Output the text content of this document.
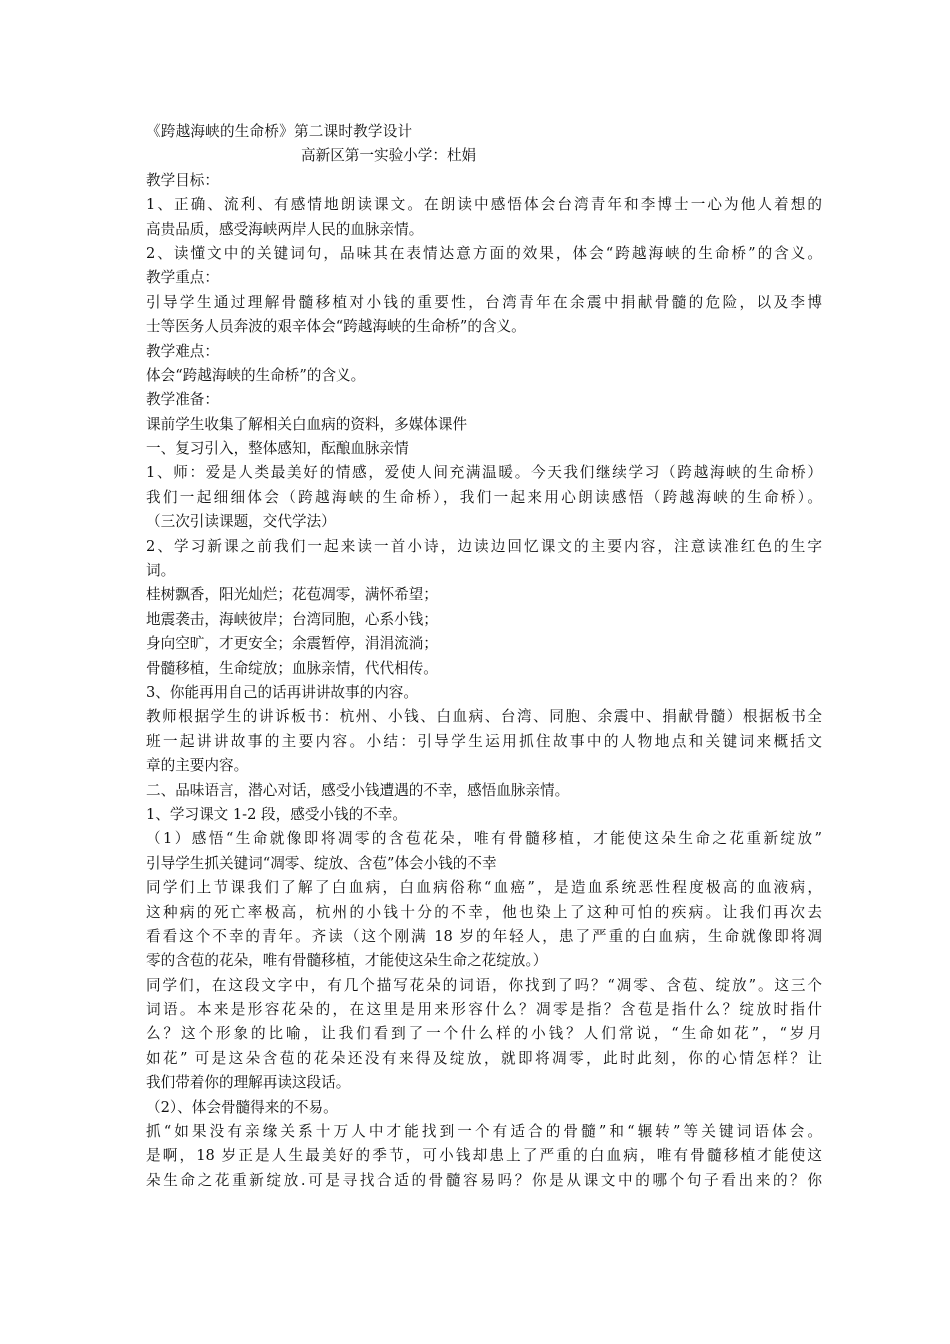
《跨越海峡的生命桥》第二课时教学设计
高新区第一实验小学：杜娟
教学目标：
1、正确、流利、有感情地朗读课文。在朗读中感悟体会台湾青年和李博士一心为他人着想的
高贵品质，感受海峡两岸人民的血脉亲情。
2、读懂文中的关键词句，品味其在表情达意方面的效果，体会“跨越海峡的生命桥”的含义。
教学重点：
引导学生通过理解骨髓移植对小钱的重要性，台湾青年在余震中捐献骨髓的危险，以及李博
士等医务人员奔波的艰辛体会“跨越海峡的生命桥”的含义。
教学难点：
体会“跨越海峡的生命桥”的含义。
教学准备：
课前学生收集了解相关白血病的资料，多媒体课件
一、复习引入，整体感知，酝酿血脉亲情
1、师：爱是人类最美好的情感，爱使人间充满温暖。今天我们继续学习（跨越海峡的生命桥）
我们一起细细体会（跨越海峡的生命桥），我们一起来用心朗读感悟（跨越海峡的生命桥）。
（三次引读课题，交代学法）
2、学习新课之前我们一起来读一首小诗，边读边回忆课文的主要内容，注意读准红色的生字
词。
桂树飘香，阳光灿烂；花苞凋零，满怀希望；
地震袭击，海峡彼岸；台湾同胞，心系小钱；
身向空旷，才更安全；余震暂停，涓涓流淌；
骨髓移植，生命绽放；血脉亲情，代代相传。
3、你能再用自己的话再讲讲故事的内容。
教师根据学生的讲诉板书：杭州、小钱、白血病、台湾、同胞、余震中、捐献骨髓）根据板书全
班一起讲讲故事的主要内容。小结：引导学生运用抓住故事中的人物地点和关键词来概括文
章的主要内容。
二、品味语言，潜心对话，感受小钱遭遇的不幸，感悟血脉亲情。
1、学习课文 1-2 段，感受小钱的不幸。
（1）感悟“生命就像即将凋零的含苞花朵，唯有骨髓移植，才能使这朵生命之花重新绽放”
引导学生抓关键词“凋零、绽放、含苞”体会小钱的不幸
同学们上节课我们了解了白血病，白血病俗称“血癌”，是造血系统恶性程度极高的血液病，
这种病的死亡率极高，杭州的小钱十分的不幸，他也染上了这种可怕的疾病。让我们再次去
看看这个不幸的青年。齐读（这个刚满 18 岁的年轻人，患了严重的白血病，生命就像即将凋
零的含苞的花朵，唯有骨髓移植，才能使这朵生命之花绽放。）
同学们，在这段文字中，有几个描写花朵的词语，你找到了吗？“凋零、含苞、绽放”。这三个
词语。本来是形容花朵的，在这里是用来形容什么？凋零是指？含苞是指什么？绽放时指什
么？这个形象的比喻，让我们看到了一个什么样的小钱？人们常说，“生命如花”，“岁月
如花” 可是这朵含苞的花朵还没有来得及绽放，就即将凋零，此时此刻，你的心情怎样？让
我们带着你的理解再读这段话。
（2）、体会骨髓得来的不易。
抓“如果没有亲缘关系十万人中才能找到一个有适合的骨髓”和“辗转”等关键词语体会。
是啊，18 岁正是人生最美好的季节，可小钱却患上了严重的白血病，唯有骨髓移植才能使这
朵生命之花重新绽放.可是寻找合适的骨髓容易吗？你是从课文中的哪个句子看出来的？你
